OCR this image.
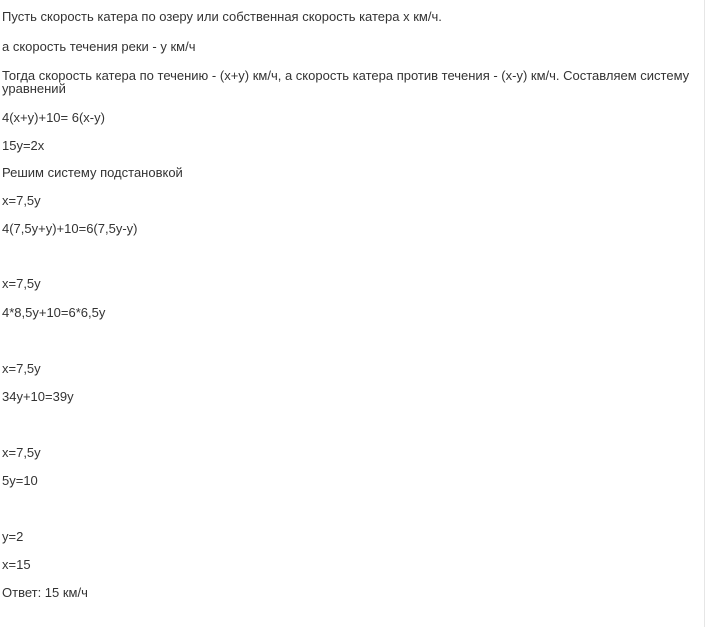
Пусть скорость катера по озеру или собственная скорость катера х км/ч.
а скорость течения реки - у км/ч
Тогда скорость катера по течению - (х+у) км/ч, а скорость катера против течения - (х-у) км/ч. Составляем систему уравнений
4(х+у)+10= 6(х-у)
15у=2х
Решим систему подстановкой
х=7,5у
4(7,5у+у)+10=6(7,5у-у)
х=7,5у
4*8,5у+10=6*6,5у
х=7,5у
34у+10=39у
х=7,5у
5у=10
у=2
х=15
Ответ: 15 км/ч
